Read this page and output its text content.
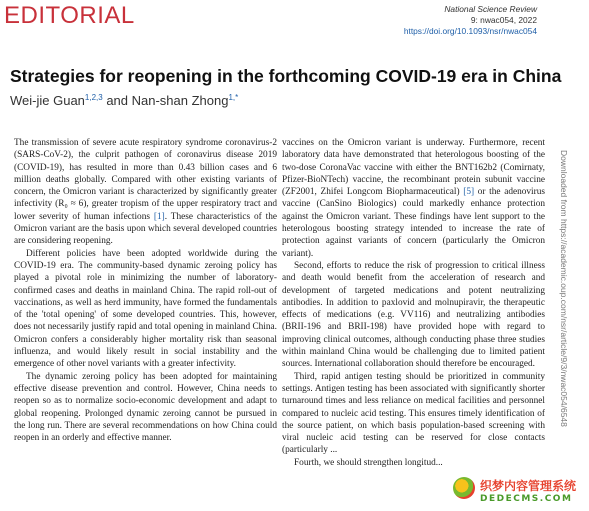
EDITORIAL	National Science Review
9: nwac054, 2022
https://doi.org/10.1093/nsr/nwac054
Strategies for reopening in the forthcoming COVID-19 era in China
Wei-jie Guan$^{1,2,3}$ and Nan-shan Zhong$^{1,*}$

The transmission of severe acute respiratory syndrome coronavirus-2 (SARS-CoV-2), the culprit pathogen of coronavirus disease 2019 (COVID-19), has resulted in more than 0.43 billion cases and 6 million deaths globally. Compared with other existing variants of concern, the Omicron variant is characterized by significantly greater infectivity (R₀ ≈ 6), greater tropism of the upper respiratory tract and lower severity of human infections [1]. These characteristics of the Omicron variant are the basis upon which several developed countries are considering reopening.

Different policies have been adopted worldwide during the COVID-19 era. The community-based dynamic zeroing policy has played a pivotal role in minimizing the number of laboratory-confirmed cases and deaths in mainland China. The rapid roll-out of vaccinations, as well as herd immunity, have formed the fundamentals of the 'total opening' of some developed countries. This, however, does not necessarily justify rapid and total opening in mainland China. Omicron confers a considerably higher mortality risk than seasonal influenza, and would likely result in social instability and the emergence of other novel variants with a greater infectivity.

The dynamic zeroing policy has been adopted for maintaining effective disease prevention and control. However, China needs to reopen so as to normalize socio-economic development and adapt to global reopening. Prolonged dynamic zeroing cannot be pursued in the long run. There are several recommendations on how China could reopen in an orderly and effective manner.

vaccines on the Omicron variant is underway. Furthermore, recent laboratory data have demonstrated that heterologous boosting of the two-dose CoronaVac vaccine with either the BNT162b2 (Comirnaty, Pfizer-BioNTech) vaccine, the recombinant protein subunit vaccine (ZF2001, Zhifei Longcom Biopharmaceutical) [5] or the adenovirus vaccine (CanSino Biologics) could markedly enhance protection against the Omicron variant. These findings have lent support to the heterologous boosting strategy intended to increase the rate of protection against variants of concern (particularly the Omicron variant).

Second, efforts to reduce the risk of progression to critical illness and death would benefit from the acceleration of research and development of targeted medications and potent neutralizing antibodies. In addition to paxlovid and molnupiravir, the therapeutic effects of medications (e.g. VV116) and neutralizing antibodies (BRII-196 and BRII-198) have provided hope with regard to improving clinical outcomes, although conducting phase three studies within mainland China would be challenging due to limited patient sources. International collaboration should therefore be encouraged.

Third, rapid antigen testing should be prioritized in community settings. Antigen testing has been associated with significantly shorter turnaround times and less reliance on medical facilities and personnel compared to nucleic acid testing. This ensures timely identification of the source patient, on which basis population-based screening with viral nucleic acid testing can be reserved for close contacts (particularly ...

Fourth, we should strengthen longitud...

Downloaded from https://academic.oup.com/nsr/article/9/3/nwac054/6548
织梦内容管理系统
DEDECMS.COM
